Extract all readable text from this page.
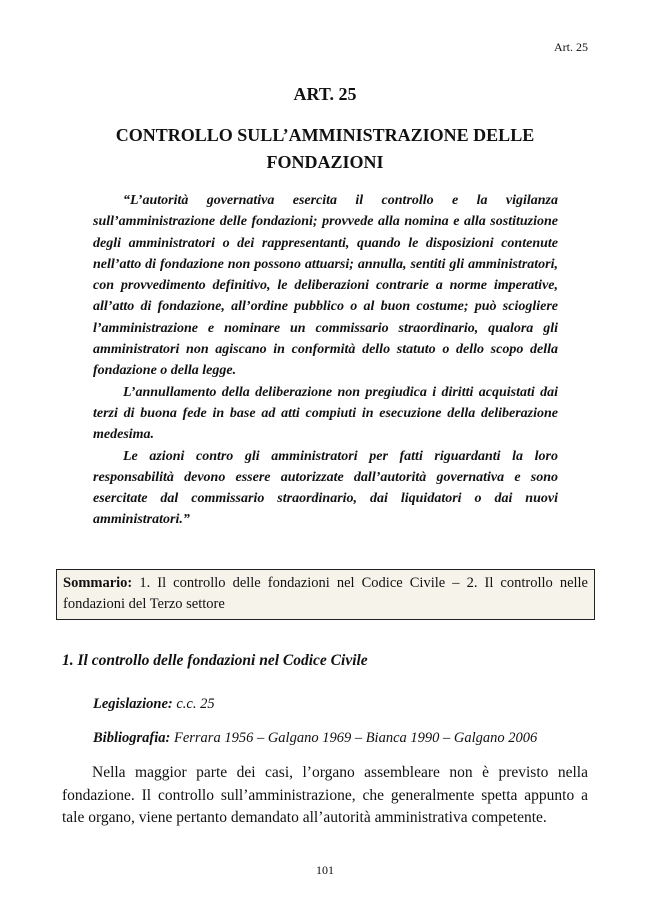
Art. 25
ART. 25
CONTROLLO SULL’AMMINISTRAZIONE DELLE FONDAZIONI

“L’autorità governativa esercita il controllo e la vigilanza sull’amministrazione delle fondazioni; provvede alla nomina e alla sostituzione degli amministratori o dei rappresentanti, quando le disposizioni contenute nell’atto di fondazione non possono attuarsi; annulla, sentiti gli amministratori, con provvedimento definitivo, le deliberazioni contrarie a norme imperative, all’atto di fondazione, all’ordine pubblico o al buon costume; può sciogliere l’amministrazione e nominare un commissario straordinario, qualora gli amministratori non agiscano in conformità dello statuto o dello scopo della fondazione o della legge.

L’annullamento della deliberazione non pregiudica i diritti acquistati dai terzi di buona fede in base ad atti compiuti in esecuzione della deliberazione medesima.

Le azioni contro gli amministratori per fatti riguardanti la loro responsabilità devono essere autorizzate dall’autorità governativa e sono esercitate dal commissario straordinario, dai liquidatori o dai nuovi amministratori.”

Sommario: 1. Il controllo delle fondazioni nel Codice Civile – 2. Il controllo nelle fondazioni del Terzo settore
1. Il controllo delle fondazioni nel Codice Civile
Legislazione: c.c. 25
Bibliografia: Ferrara 1956 – Galgano 1969 – Bianca 1990 – Galgano 2006

Nella maggior parte dei casi, l’organo assembleare non è previsto nella fondazione. Il controllo sull’amministrazione, che generalmente spetta appunto a tale organo, viene pertanto demandato all’autorità amministrativa competente.

101
